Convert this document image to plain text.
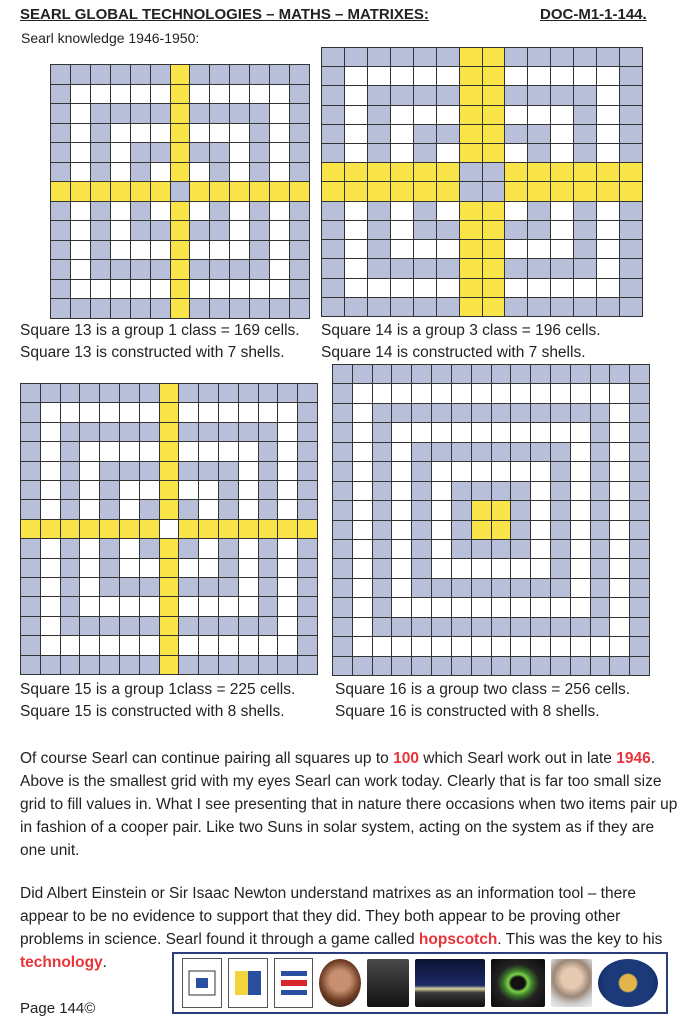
SEARL GLOBAL TECHNOLOGIES – MATHS – MATRIXES:	DOC-M1-1-144.
Searl knowledge 1946-1950:
Square 13 is a group 1 class = 169 cells.
Square 13 is constructed with 7 shells.
Square 14 is a group 3 class = 196 cells.
Square 14 is constructed with 7 shells.
Square 15 is a group 1class = 225 cells.
Square 15 is constructed with 8 shells.
Square 16 is a group two class = 256 cells.
Square 16 is constructed with 8 shells.
Of course Searl can continue pairing all squares up to 100 which Searl work out in late 1946. Above is the smallest grid with my eyes Searl can work today. Clearly that is far too small size grid to fill values in. What I see presenting that in nature there occasions when two items pair up in fashion of a cooper pair. Like two Suns in solar system, acting on the system as if they are one unit.
Did Albert Einstein or Sir Isaac Newton understand matrixes as an information tool – there appear to be no evidence to support that they did. They both appear to be proving other problems in science. Searl found it through a game called hopscotch. This was the key to his technology.
Page 144©
